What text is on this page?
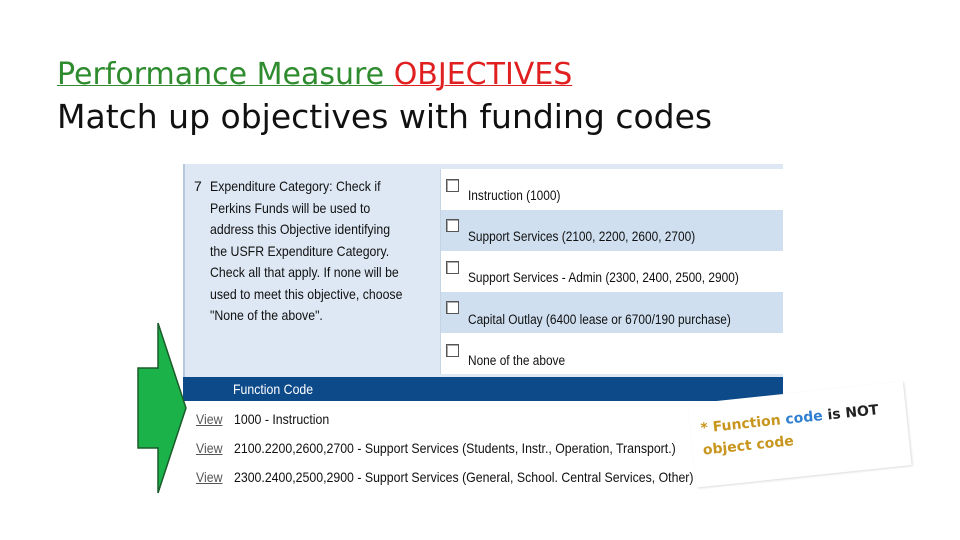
Performance Measure OBJECTIVES
Match up objectives with funding codes
7 Expenditure Category: Check if Perkins Funds will be used to address this Objective identifying the USFR Expenditure Category. Check all that apply. If none will be used to meet this objective, choose "None of the above".
Instruction (1000)
Support Services (2100, 2200, 2600, 2700)
Support Services - Admin (2300, 2400, 2500, 2900)
Capital Outlay (6400 lease or 6700/190 purchase)
None of the above
Function Code
View 1000 - Instruction
View 2100.2200,2600,2700 - Support Services (Students, Instr., Operation, Transport.)
View 2300.2400,2500,2900 - Support Services (General, School. Central Services, Other)
* Function code is NOT
object code
